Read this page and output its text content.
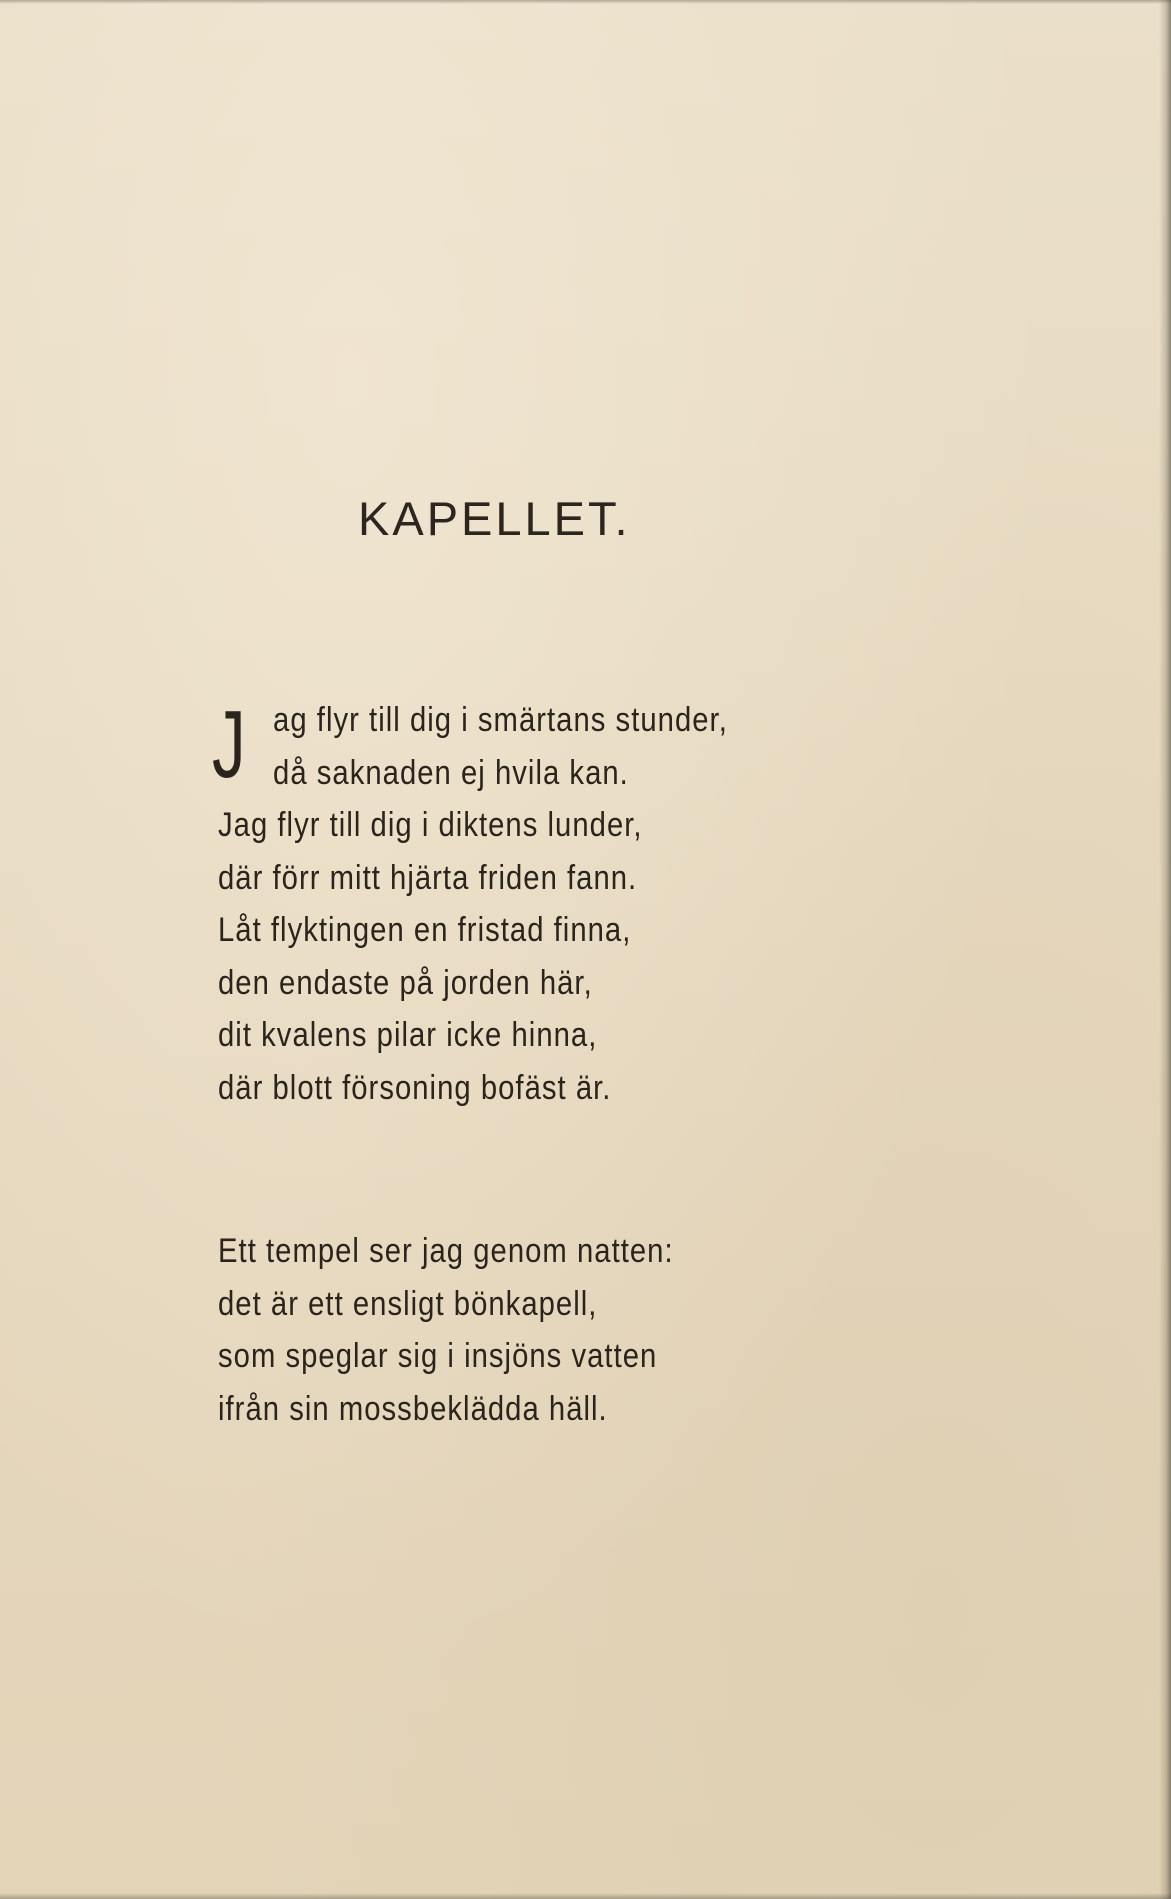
KAPELLET.
J ag flyr till dig i smärtans stunder,
då saknaden ej hvila kan.
Jag flyr till dig i diktens lunder,
där förr mitt hjärta friden fann.
Låt flyktingen en fristad finna,
den endaste på jorden här,
dit kvalens pilar icke hinna,
där blott försoning bofäst är.
Ett tempel ser jag genom natten:
det är ett ensligt bönkapell,
som speglar sig i insjöns vatten
ifrån sin mossbeklädda häll.
